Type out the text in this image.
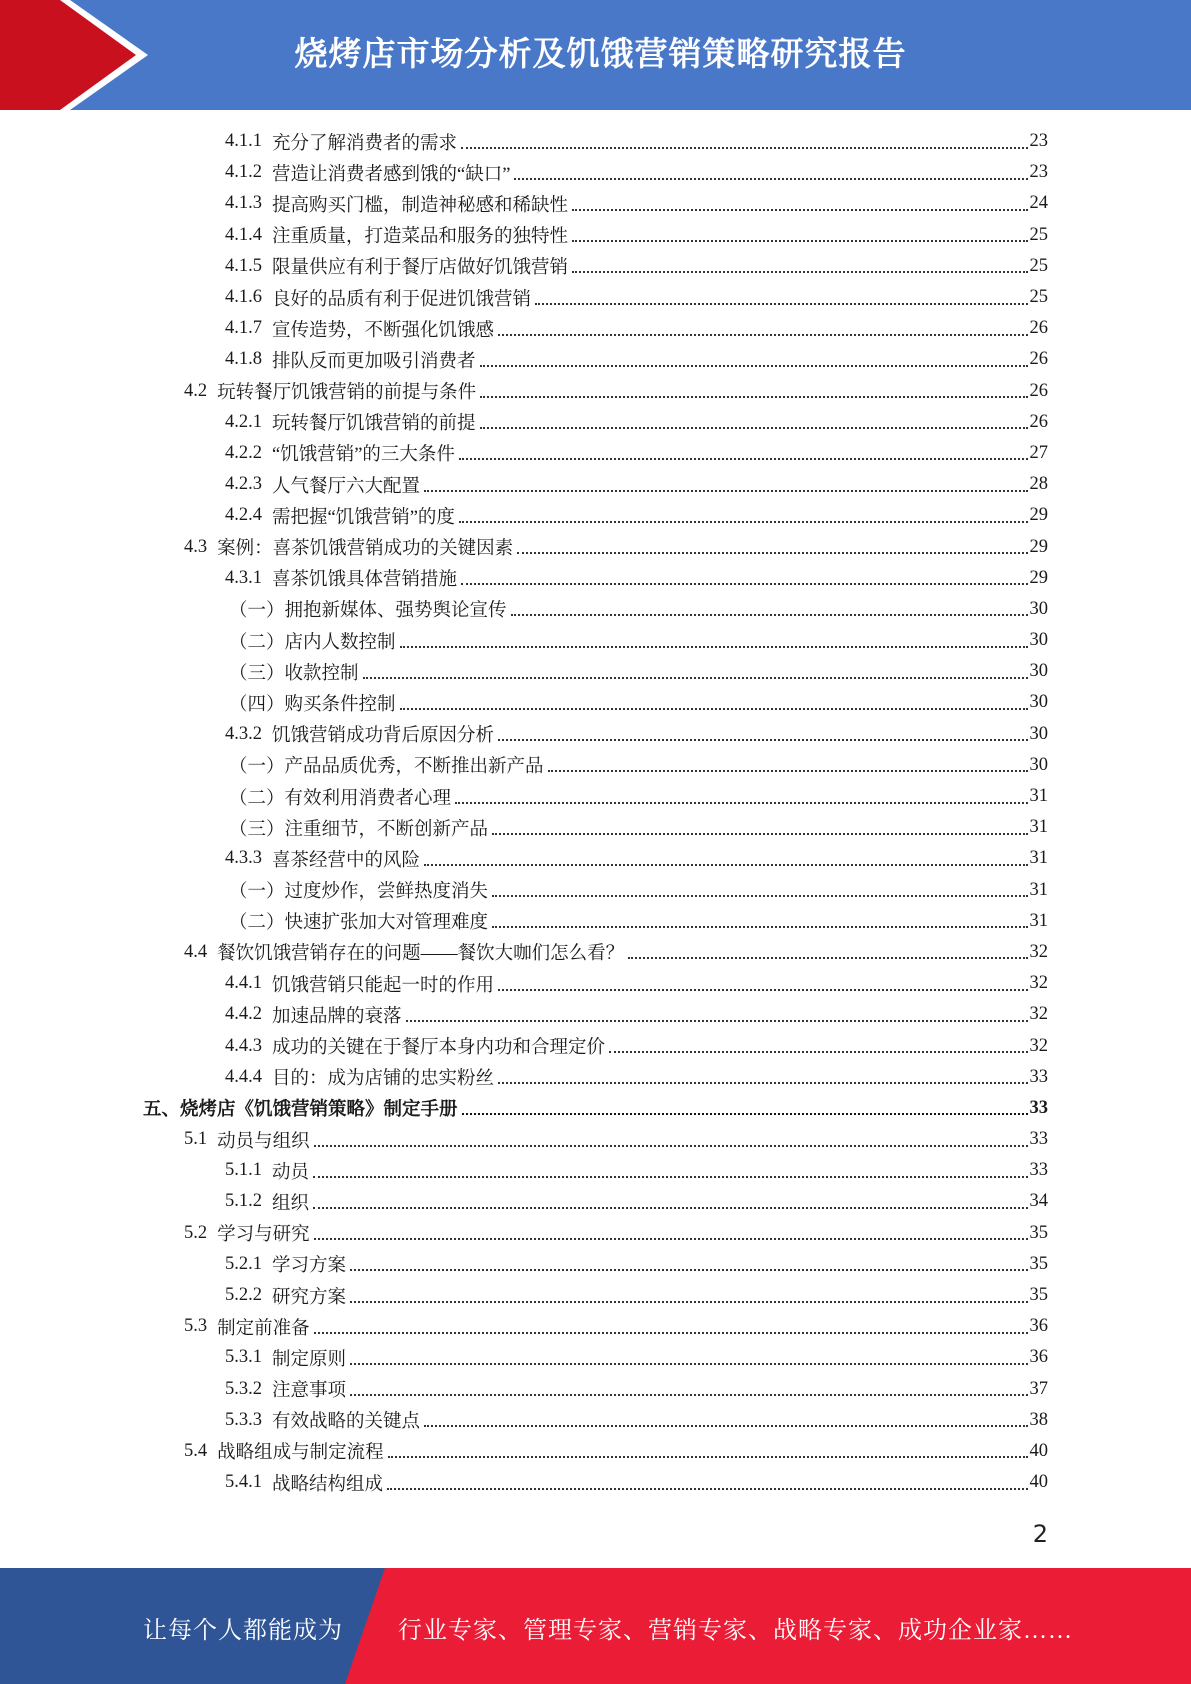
烧烤店市场分析及饥饿营销策略研究报告
4.1.1 充分了解消费者的需求	23
4.1.2 营造让消费者感到饿的“缺口”	23
4.1.3 提高购买门槛，制造神秘感和稀缺性	24
4.1.4 注重质量，打造菜品和服务的独特性	25
4.1.5 限量供应有利于餐厅店做好饥饿营销	25
4.1.6 良好的品质有利于促进饥饿营销	25
4.1.7 宣传造势，不断强化饥饿感	26
4.1.8 排队反而更加吸引消费者	26
4.2 玩转餐厅饥饿营销的前提与条件	26
4.2.1 玩转餐厅饥饿营销的前提	26
4.2.2 “饥饿营销”的三大条件	27
4.2.3 人气餐厅六大配置	28
4.2.4 需把握“饥饿营销”的度	29
4.3 案例：喜茶饥饿营销成功的关键因素	29
4.3.1 喜茶饥饿具体营销措施	29
（一） 拥抱新媒体、强势舆论宣传	30
（二） 店内人数控制	30
（三） 收款控制	30
（四） 购买条件控制	30
4.3.2 饥饿营销成功背后原因分析	30
（一） 产品品质优秀，不断推出新产品	30
（二） 有效利用消费者心理	31
（三） 注重细节，不断创新产品	31
4.3.3 喜茶经营中的风险	31
（一） 过度炒作，尝鲜热度消失	31
（二） 快速扩张加大对管理难度	31
4.4 餐饮饥饿营销存在的问题——餐饮大咖们怎么看？	32
4.4.1 饥饿营销只能起一时的作用	32
4.4.2 加速品牌的衰落	32
4.4.3 成功的关键在于餐厅本身内功和合理定价	32
4.4.4 目的：成为店铺的忠实粉丝	33
五、 烧烤店《饥饿营销策略》制定手册	33
5.1 动员与组织	33
5.1.1 动员	33
5.1.2 组织	34
5.2 学习与研究	35
5.2.1 学习方案	35
5.2.2 研究方案	35
5.3 制定前准备	36
5.3.1 制定原则	36
5.3.2 注意事项	37
5.3.3 有效战略的关键点	38
5.4 战略组成与制定流程	40
5.4.1 战略结构组成	40
2
让每个人都能成为 行业专家、管理专家、营销专家、战略专家、成功企业家……
